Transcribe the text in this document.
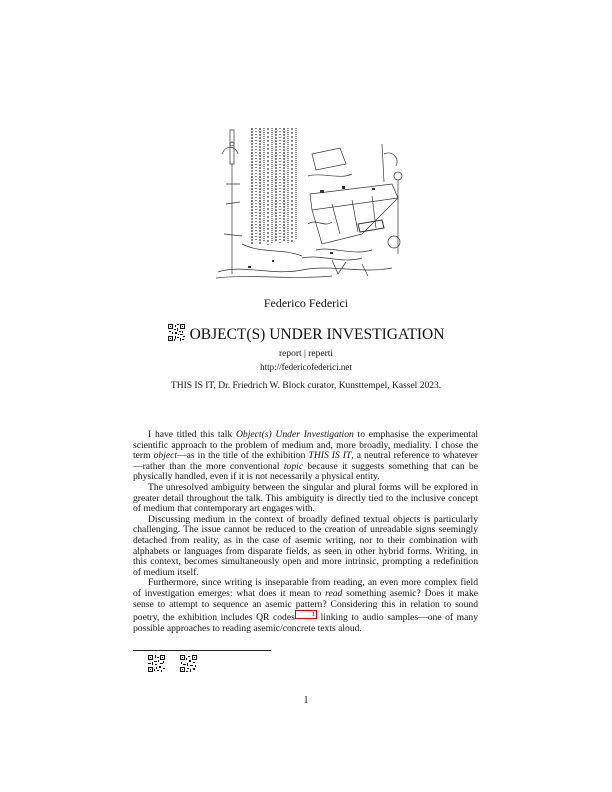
Federico Federici
OBJECT(S) UNDER INVESTIGATION
report | reperti
http://federicofederici.net
THIS IS IT, Dr. Friedrich W. Block curator, Kunsttempel, Kassel 2023.

I have titled this talk Object(s) Under Investigation to emphasise the experimental scientific approach to the problem of medium and, more broadly, mediality. I chose the term object—as in the title of the exhibition THIS IS IT, a neutral reference to whatever—rather than the more conventional topic because it suggests something that can be physically handled, even if it is not necessarily a physical entity.

The unresolved ambiguity between the singular and plural forms will be explored in greater detail throughout the talk. This ambiguity is directly tied to the inclusive concept of medium that contemporary art engages with.

Discussing medium in the context of broadly defined textual objects is particularly challenging. The issue cannot be reduced to the creation of unreadable signs seemingly detached from reality, as in the case of asemic writing, nor to their combination with alphabets or languages from disparate fields, as seen in other hybrid forms. Writing, in this context, becomes simultaneously open and more intrinsic, prompting a redefinition of medium itself.

Furthermore, since writing is inseparable from reading, an even more complex field of investigation emerges: what does it mean to read something asemic? Does it make sense to attempt to sequence an asemic pattern? Considering this in relation to sound poetry, the exhibition includes QR codes	1 linking to audio samples—one of many possible approaches to reading asemic/concrete texts aloud.

1
